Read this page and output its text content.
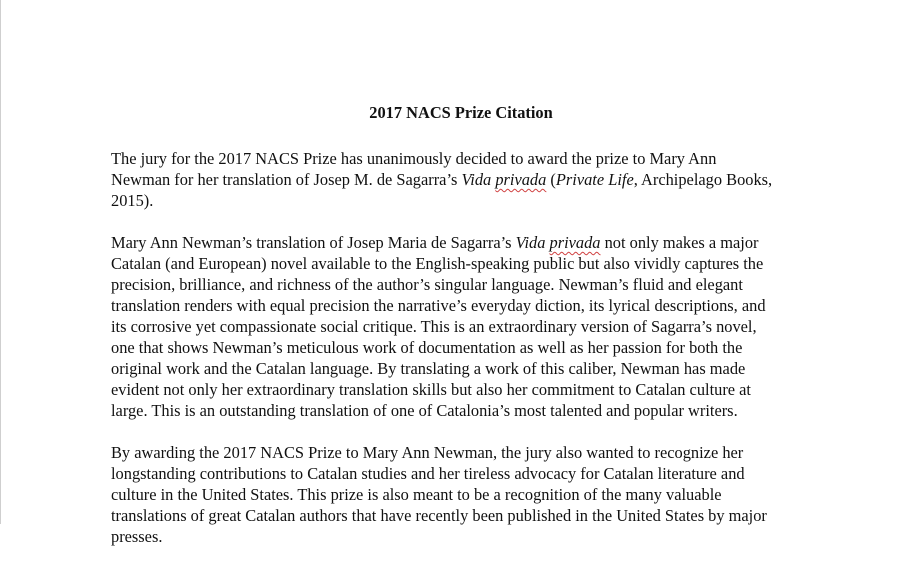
2017 NACS Prize Citation
The jury for the 2017 NACS Prize has unanimously decided to award the prize to Mary Ann
Newman for her translation of Josep M. de Sagarra’s Vida privada (Private Life, Archipelago Books,
2015).
Mary Ann Newman’s translation of Josep Maria de Sagarra’s Vida privada not only makes a major
Catalan (and European) novel available to the English-speaking public but also vividly captures the
precision, brilliance, and richness of the author’s singular language. Newman’s fluid and elegant
translation renders with equal precision the narrative’s everyday diction, its lyrical descriptions, and
its corrosive yet compassionate social critique. This is an extraordinary version of Sagarra’s novel,
one that shows Newman’s meticulous work of documentation as well as her passion for both the
original work and the Catalan language. By translating a work of this caliber, Newman has made
evident not only her extraordinary translation skills but also her commitment to Catalan culture at
large. This is an outstanding translation of one of Catalonia’s most talented and popular writers.
By awarding the 2017 NACS Prize to Mary Ann Newman, the jury also wanted to recognize her
longstanding contributions to Catalan studies and her tireless advocacy for Catalan literature and
culture in the United States. This prize is also meant to be a recognition of the many valuable
translations of great Catalan authors that have recently been published in the United States by major
presses.
